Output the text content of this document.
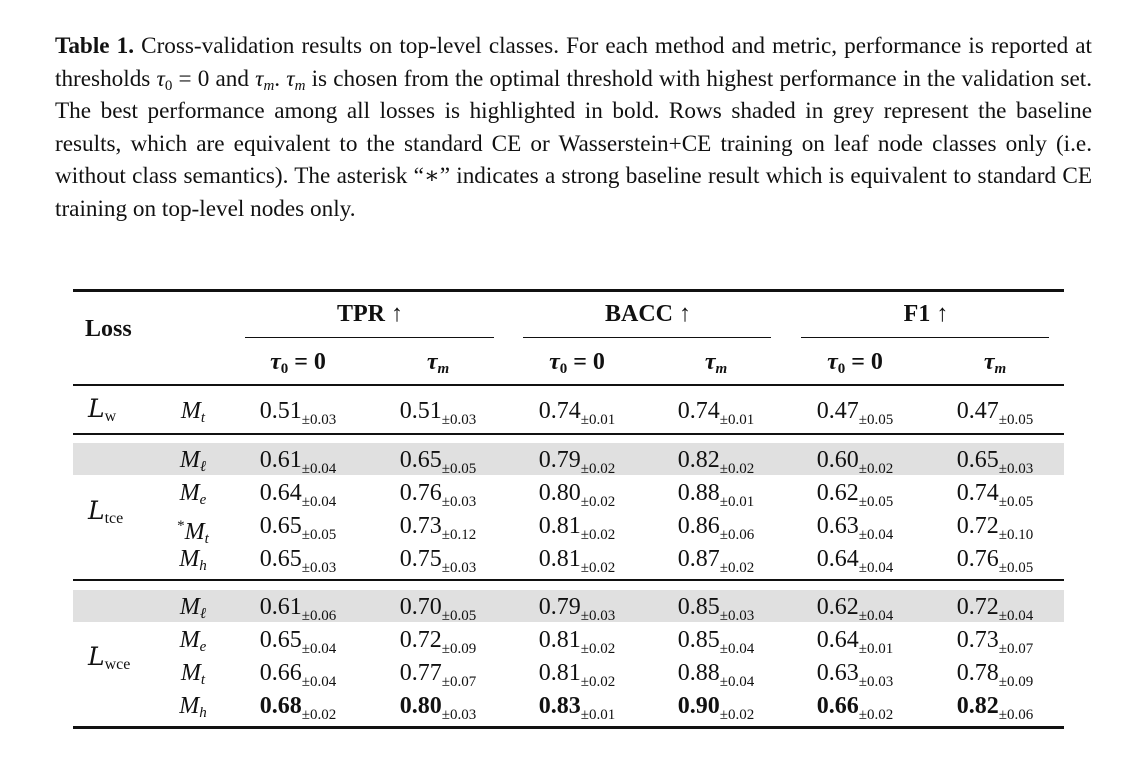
Table 1. Cross-validation results on top-level classes. For each method and metric, performance is reported at thresholds $\tau_0 = 0$ and $\tau_m$. $\tau_m$ is chosen from the optimal threshold with highest performance in the validation set. The best performance among all losses is highlighted in bold. Rows shaded in grey represent the baseline results, which are equivalent to the standard CE or Wasserstein+CE training on leaf node classes only (i.e. without class semantics). The asterisk “∗” indicates a strong baseline result which is equivalent to standard CE training on top-level nodes only.
Loss
TPR ↑	BACC ↑	F1 ↑
$\tau_0 = 0$	$\tau_m$	$\tau_0 = 0$	$\tau_m$	$\tau_0 = 0$	$\tau_m$
$L_w$	$M_t$ $0.51_{\pm 0.03}$	$0.51_{\pm 0.03}$	$0.74_{\pm 0.01}$	$0.74_{\pm 0.01}$	$0.47_{\pm 0.05}$	$0.47_{\pm 0.05}$
$L_{tce}$
$M_\ell$ $0.61_{\pm 0.04}$	$0.65_{\pm 0.05}$	$0.79_{\pm 0.02}$	$0.82_{\pm 0.02}$	$0.60_{\pm 0.02}$	$0.65_{\pm 0.03}$
$M_e$ $0.64_{\pm 0.04}$	$0.76_{\pm 0.03}$	$0.80_{\pm 0.02}$	$0.88_{\pm 0.01}$	$0.62_{\pm 0.05}$	$0.74_{\pm 0.05}$
$^*M_t$ $0.65_{\pm 0.05}$	$0.73_{\pm 0.12}$	$0.81_{\pm 0.02}$	$0.86_{\pm 0.06}$	$0.63_{\pm 0.04}$	$0.72_{\pm 0.10}$
$M_h$ $0.65_{\pm 0.03}$	$0.75_{\pm 0.03}$	$0.81_{\pm 0.02}$	$0.87_{\pm 0.02}$	$0.64_{\pm 0.04}$	$0.76_{\pm 0.05}$
$L_{wce}$
$M_\ell$ $0.61_{\pm 0.06}$	$0.70_{\pm 0.05}$	$0.79_{\pm 0.03}$	$0.85_{\pm 0.03}$	$0.62_{\pm 0.04}$	$0.72_{\pm 0.04}$
$M_e$ $0.65_{\pm 0.04}$	$0.72_{\pm 0.09}$	$0.81_{\pm 0.02}$	$0.85_{\pm 0.04}$	$0.64_{\pm 0.01}$	$0.73_{\pm 0.07}$
$M_t$ $0.66_{\pm 0.04}$	$0.77_{\pm 0.07}$	$0.81_{\pm 0.02}$	$0.88_{\pm 0.04}$	$0.63_{\pm 0.03}$	$0.78_{\pm 0.09}$
$M_h$ $0.68_{\pm 0.02}$	$0.80_{\pm 0.03}$	$0.83_{\pm 0.01}$	$0.90_{\pm 0.02}$	$0.66_{\pm 0.02}$	$0.82_{\pm 0.06}$
